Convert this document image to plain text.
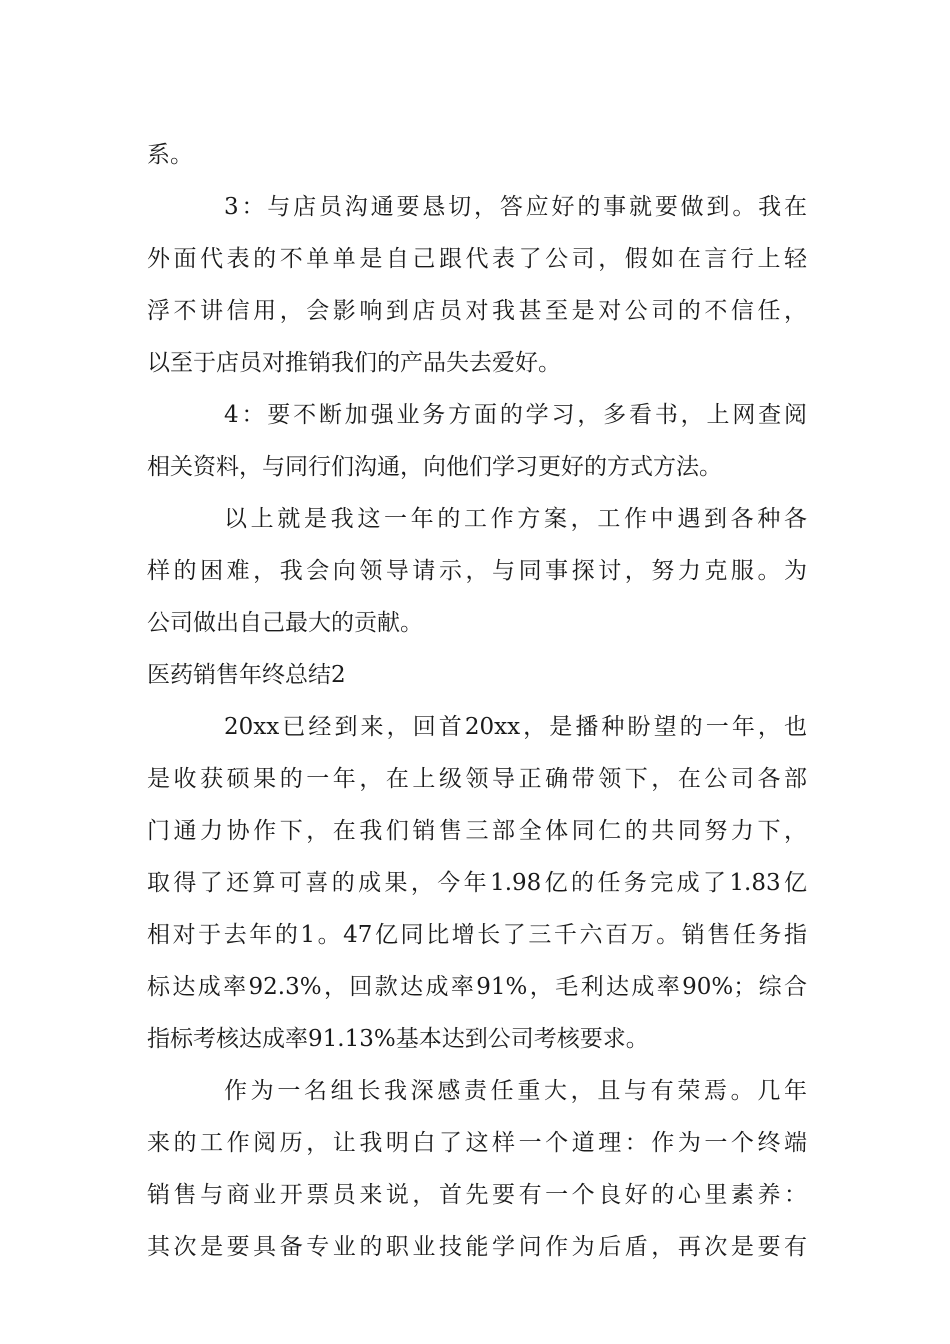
系。
3：与店员沟通要恳切，答应好的事就要做到。我在
外面代表的不单单是自己跟代表了公司，假如在言行上轻
浮不讲信用，会影响到店员对我甚至是对公司的不信任，
以至于店员对推销我们的产品失去爱好。
4：要不断加强业务方面的学习，多看书，上网查阅
相关资料，与同行们沟通，向他们学习更好的方式方法。
以上就是我这一年的工作方案，工作中遇到各种各
样的困难，我会向领导请示，与同事探讨，努力克服。为
公司做出自己最大的贡献。
医药销售年终总结2
20xx已经到来，回首20xx，是播种盼望的一年，也
是收获硕果的一年，在上级领导正确带领下，在公司各部
门通力协作下，在我们销售三部全体同仁的共同努力下，
取得了还算可喜的成果，今年1.98亿的任务完成了1.83亿
相对于去年的1。47亿同比增长了三千六百万。销售任务指
标达成率92.3%，回款达成率91%，毛利达成率90%；综合
指标考核达成率91.13%基本达到公司考核要求。
作为一名组长我深感责任重大，且与有荣焉。几年
来的工作阅历，让我明白了这样一个道理：作为一个终端
销售与商业开票员来说，首先要有一个良好的心里素养：
其次是要具备专业的职业技能学问作为后盾，再次是要有
